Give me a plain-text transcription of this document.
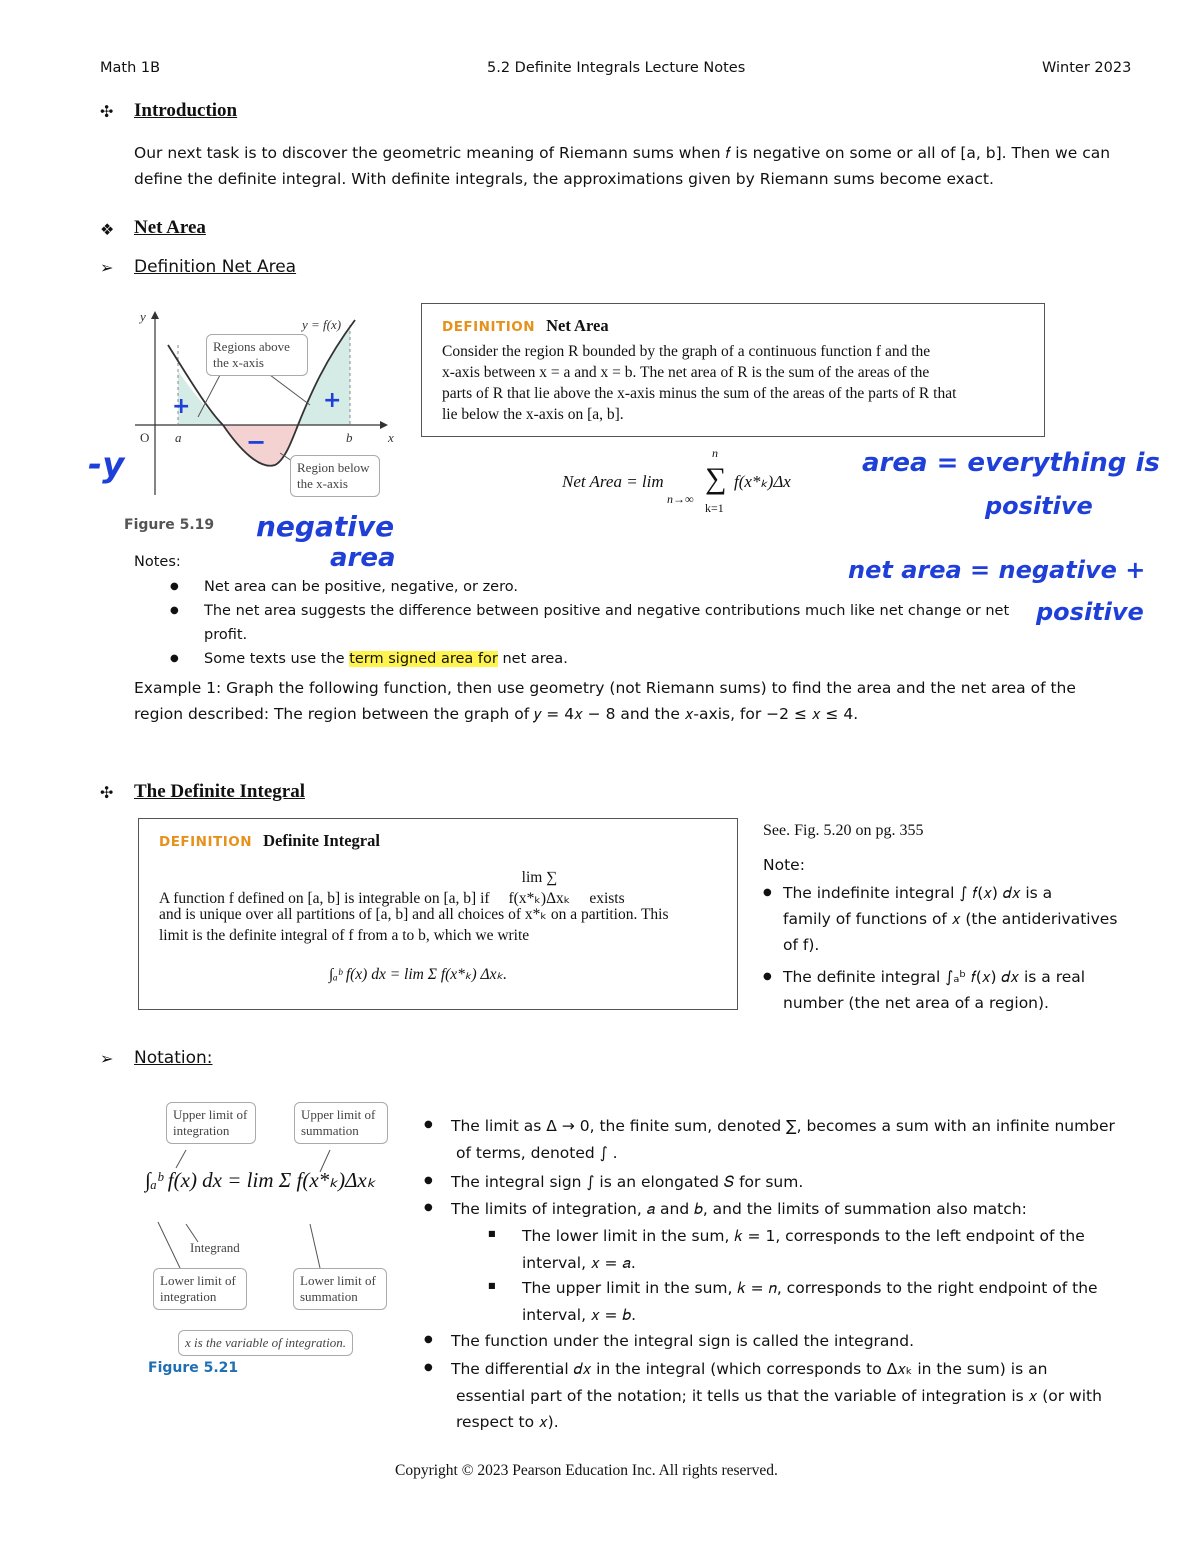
Math 1B	5.2 Definite Integrals Lecture Notes	Winter 2023
✣ Introduction
Our next task is to discover the geometric meaning of Riemann sums when 𝑓 is negative on some or all of [a, b]. Then we can
define the definite integral. With definite integrals, the approximations given by Riemann sums become exact.
❖ Net Area
➢ Definition Net Area
y
x
O a	b
y = f(x)
+	+
−
Regions above the x-axis
Region below the x-axis
Figure 5.19
-y
negative
area
area = everything is
positive
net area = negative +
positive
DEFINITION Net Area
Consider the region R bounded by the graph of a continuous function f and the
x-axis between x = a and x = b. The net area of R is the sum of the areas of the
parts of R that lie above the x-axis minus the sum of the areas of the parts of R that
lie below the x-axis on [a, b].
Net Area = lim
n→∞
n
∑
k=1
f(x*ₖ)Δx
Notes:
● Net area can be positive, negative, or zero.
● The net area suggests the difference between positive and negative contributions much like net change or net profit.
● Some texts use the term signed area for net area.
Example 1: Graph the following function, then use geometry (not Riemann sums) to find the area and the net area of the
region described: The region between the graph of 𝑦 = 4𝑥 − 8 and the 𝑥-axis, for −2 ≤ 𝑥 ≤ 4.
✣ The Definite Integral
DEFINITION Definite Integral
A function f defined on [a, b] is integrable on [a, b] if lim ∑ f(x*ₖ)Δxₖ exists
and is unique over all partitions of [a, b] and all choices of x*ₖ on a partition. This
limit is the definite integral of f from a to b, which we write
∫ₐᵇ f(x) dx = lim Σ f(x*ₖ) Δxₖ.
See. Fig. 5.20 on pg. 355
Note:
● The indefinite integral ∫ 𝑓(𝑥) 𝑑𝑥 is a
family of functions of 𝑥 (the antiderivatives
of f).
● The definite integral ∫ₐᵇ 𝑓(𝑥) 𝑑𝑥 is a real
number (the net area of a region).
➢ Notation:
Upper limit of integration
Upper limit of summation
∫ₐᵇ f(x) dx = lim Σ f(x*ₖ)Δxₖ
Integrand
Lower limit of integration
Lower limit of summation
x is the variable of integration.
Figure 5.21
● The limit as Δ → 0, the finite sum, denoted ∑, becomes a sum with an infinite number
of terms, denoted ∫ .
● The integral sign ∫ is an elongated 𝑆 for sum.
● The limits of integration, 𝑎 and 𝑏, and the limits of summation also match:
■ The lower limit in the sum, 𝑘 = 1, corresponds to the left endpoint of the
interval, 𝑥 = 𝑎.
■ The upper limit in the sum, 𝑘 = 𝑛, corresponds to the right endpoint of the
interval, 𝑥 = 𝑏.
● The function under the integral sign is called the integrand.
● The differential 𝑑𝑥 in the integral (which corresponds to Δ𝑥ₖ in the sum) is an
essential part of the notation; it tells us that the variable of integration is 𝑥 (or with
respect to 𝑥).
Copyright © 2023 Pearson Education Inc. All rights reserved.
